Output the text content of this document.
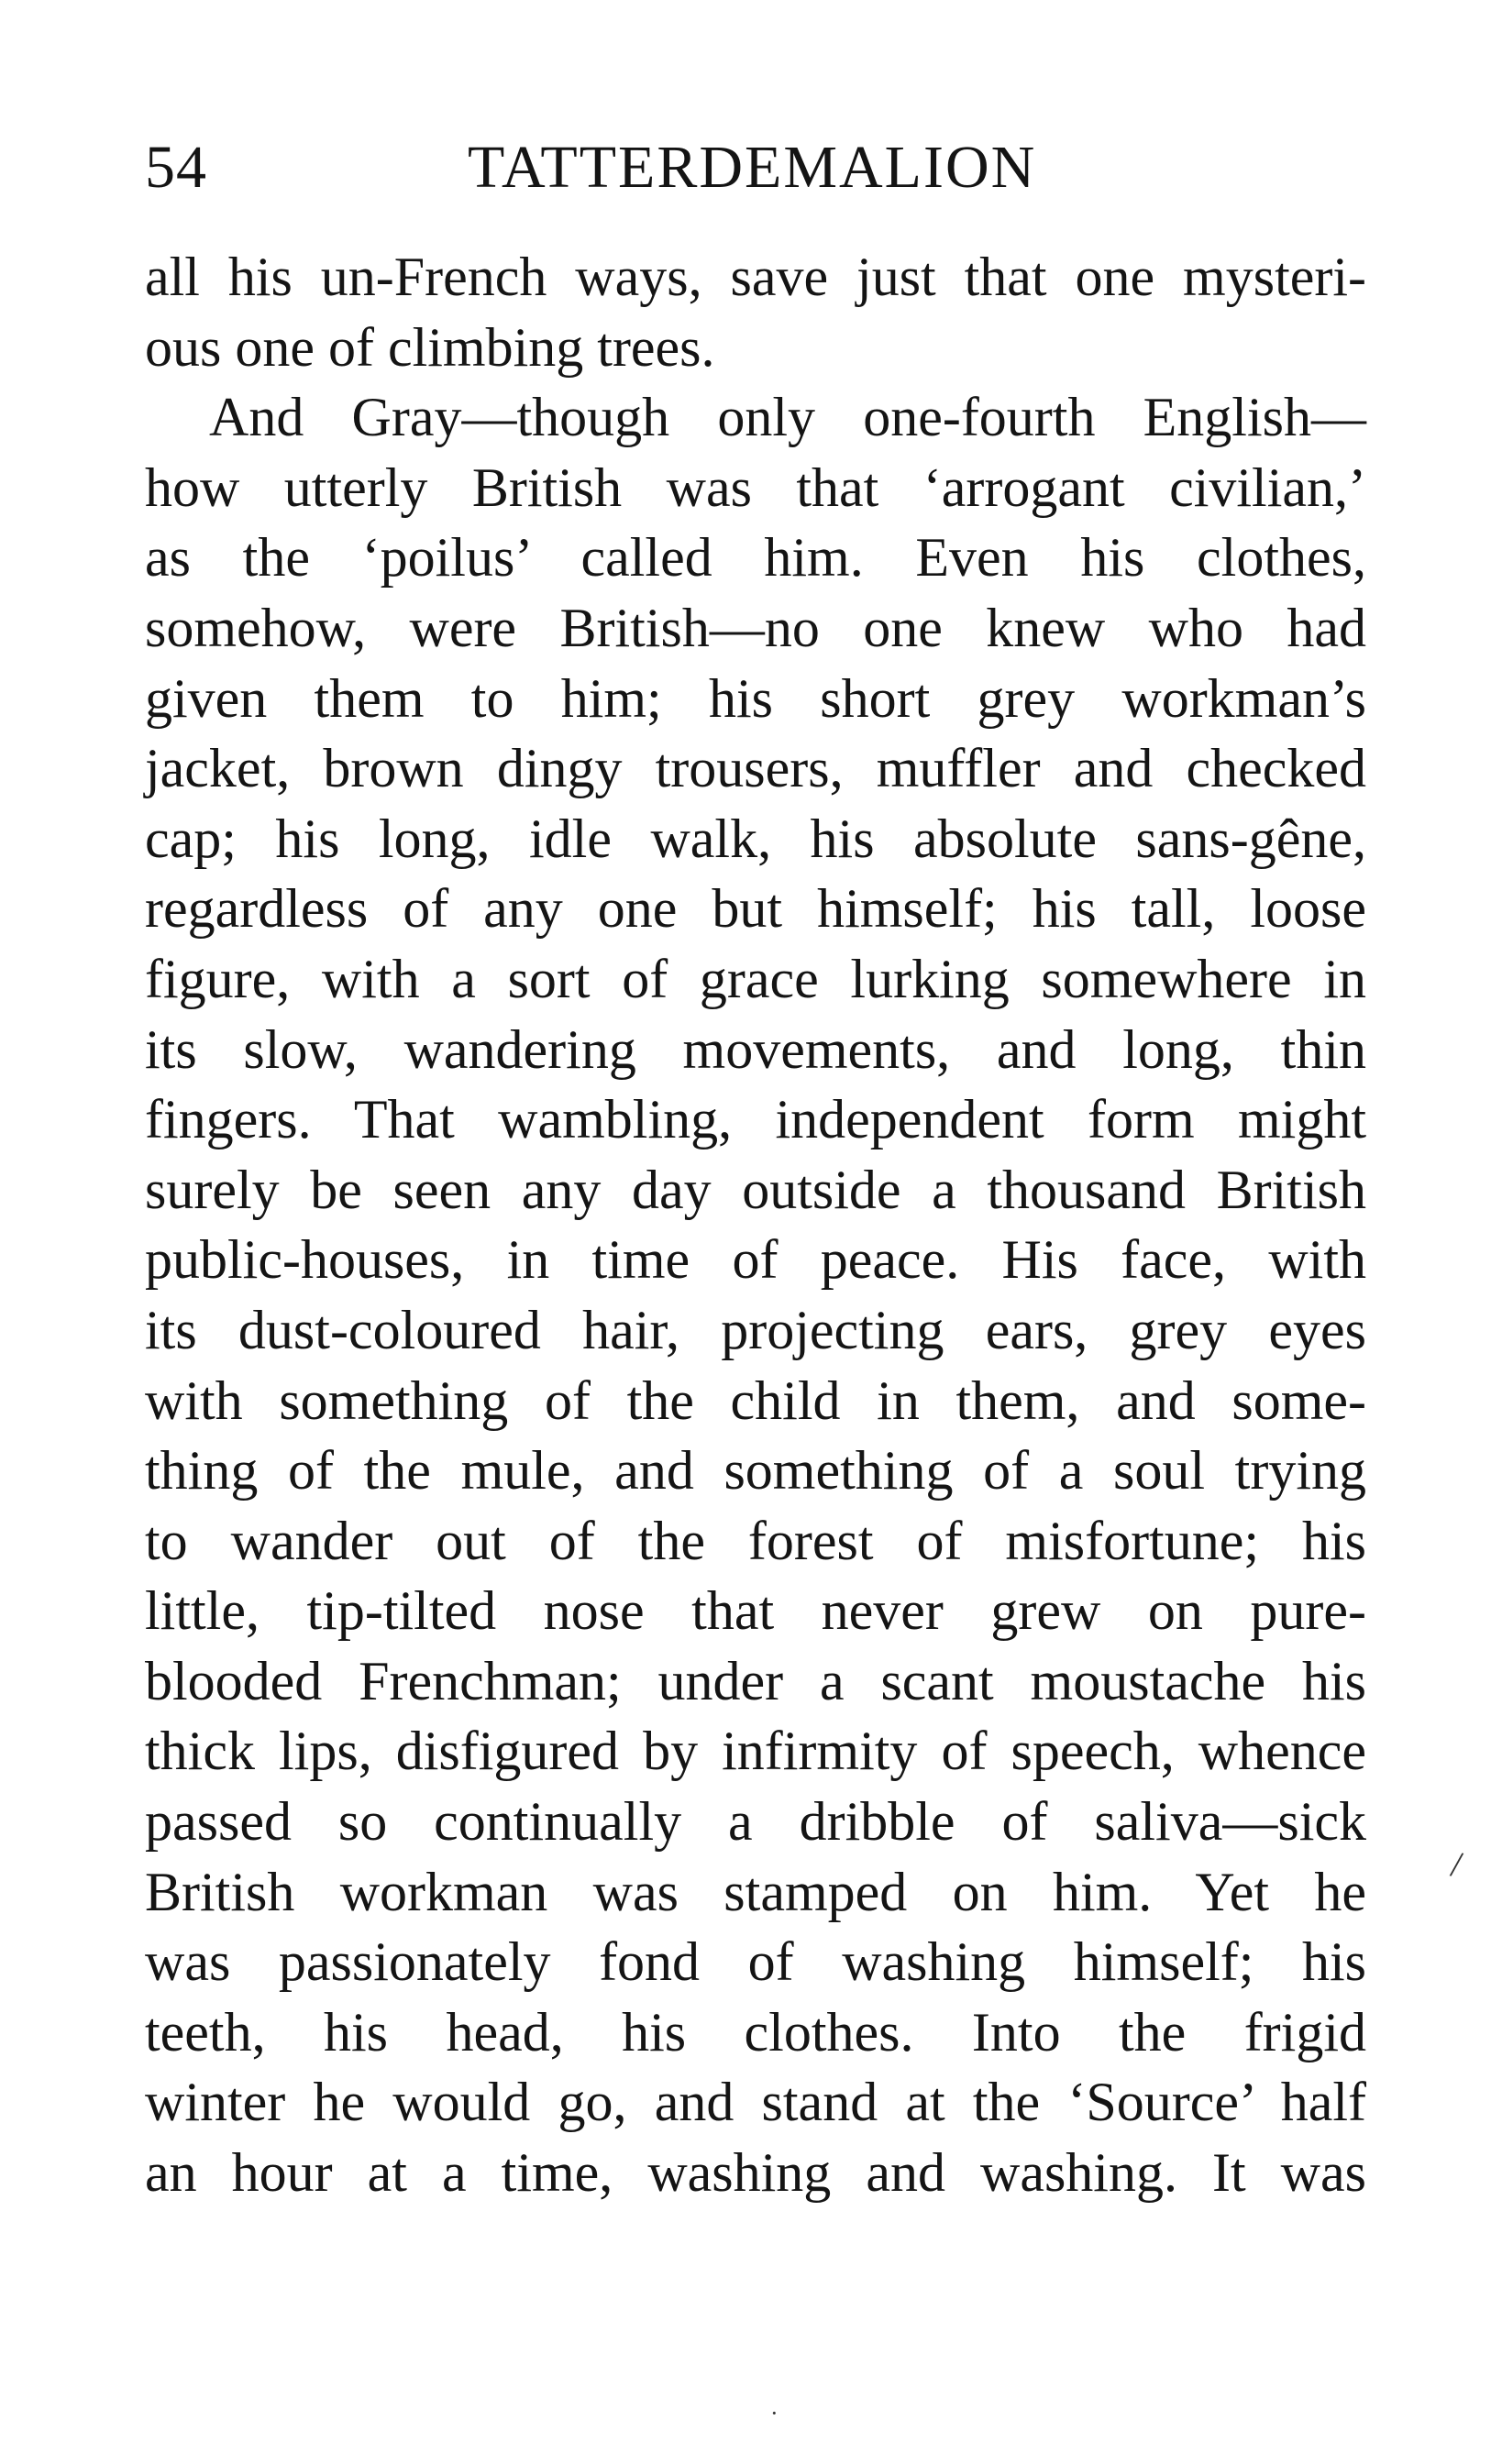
54	TATTERDEMALION
all his un-French ways, save just that one mysteri-
ous one of climbing trees.
And Gray—though only one-fourth English—
how utterly British was that ‘arrogant civilian,’
as the ‘poilus’ called him. Even his clothes,
somehow, were British—no one knew who had
given them to him; his short grey workman’s
jacket, brown dingy trousers, muffler and checked
cap; his long, idle walk, his absolute sans-gêne,
regardless of any one but himself; his tall, loose
figure, with a sort of grace lurking somewhere in
its slow, wandering movements, and long, thin
fingers. That wambling, independent form might
surely be seen any day outside a thousand British
public-houses, in time of peace. His face, with
its dust-coloured hair, projecting ears, grey eyes
with something of the child in them, and some-
thing of the mule, and something of a soul trying
to wander out of the forest of misfortune; his
little, tip-tilted nose that never grew on pure-
blooded Frenchman; under a scant moustache his
thick lips, disfigured by infirmity of speech, whence
passed so continually a dribble of saliva—sick
British workman was stamped on him. Yet he
was passionately fond of washing himself; his
teeth, his head, his clothes. Into the frigid
winter he would go, and stand at the ‘Source’ half
an hour at a time, washing and washing. It was
/
·
